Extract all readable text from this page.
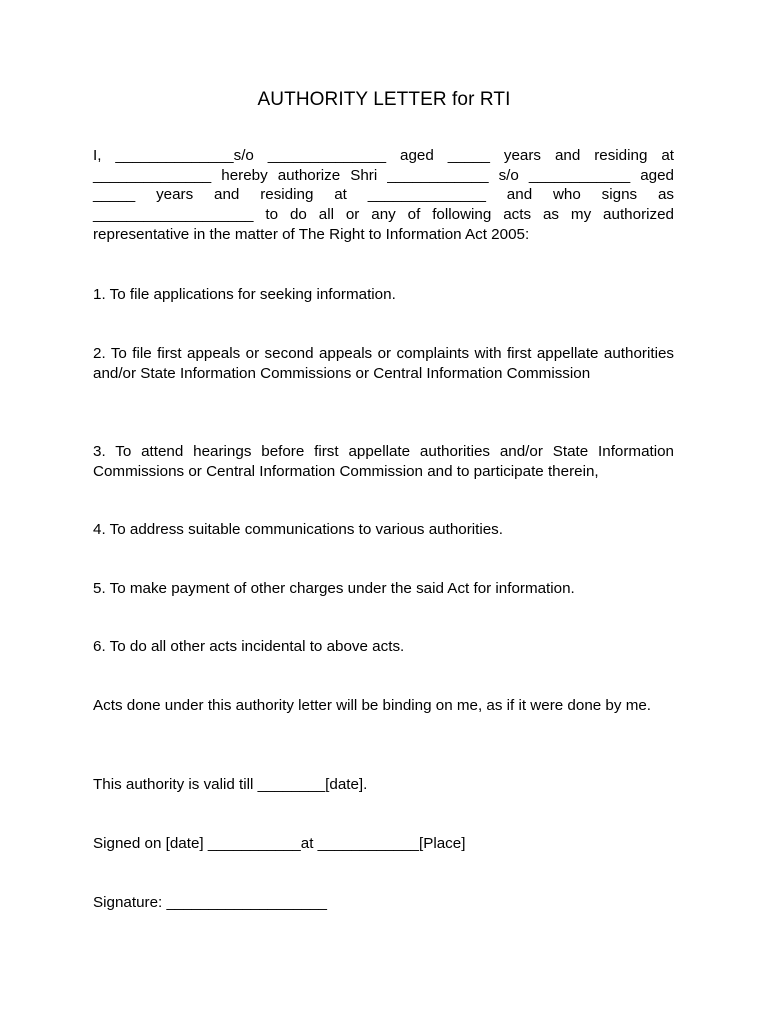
AUTHORITY LETTER for RTI

I, ______________s/o ______________ aged _____ years and residing at ______________ hereby authorize Shri ____________ s/o ____________ aged _____ years and residing at ______________ and who signs as ___________________ to do all or any of following acts as my authorized representative in the matter of The Right to Information Act 2005:

1. To file applications for seeking information.

2. To file first appeals or second appeals or complaints with first appellate authorities and/or State Information Commissions or Central Information Commission

3. To attend hearings before first appellate authorities and/or State Information Commissions or Central Information Commission and to participate therein,

4. To address suitable communications to various authorities.

5. To make payment of other charges under the said Act for information.

6. To do all other acts incidental to above acts.

Acts done under this authority letter will be binding on me, as if it were done by me.

This authority is valid till ________[date].

Signed on [date] ___________at ____________[Place]

Signature: ___________________
